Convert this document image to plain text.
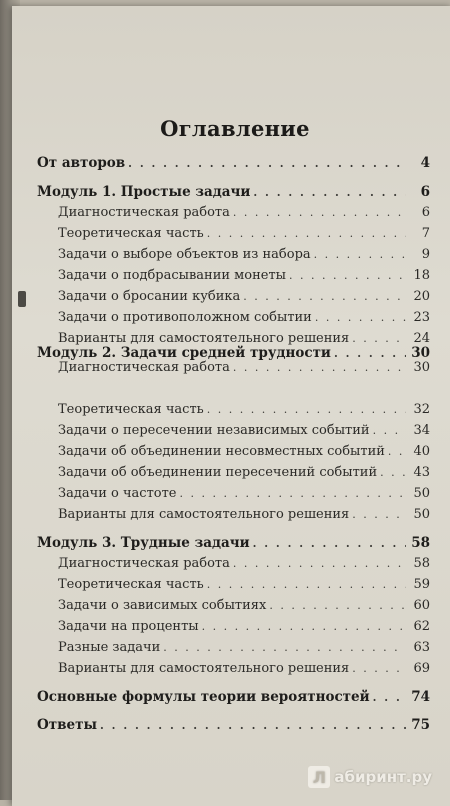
Оглавление
От авторов . . .	4
Модуль 1. Простые задачи . . .	6
Диагностическая работа . . .	6
Теоретическая часть . . .	7
Задачи о выборе объектов из набора . . .	9
Задачи о подбрасывании монеты . . .	18
Задачи о бросании кубика . . .	20
Задачи о противоположном событии . . .	23
Варианты для самостоятельного решения . . .	24
Модуль 2. Задачи средней трудности . . .	30
Диагностическая работа . . .	30
Теоретическая часть . . .	32
Задачи о пересечении независимых событий . . .	34
Задачи об объединении несовместных событий . . .	40
Задачи об объединении пересечений событий . . .	43
Задачи о частоте . . .	50
Варианты для самостоятельного решения . . .	50
Модуль 3. Трудные задачи . . .	58
Диагностическая работа . . .	58
Теоретическая часть . . .	59
Задачи о зависимых событиях . . .	60
Задачи на проценты . . .	62
Разные задачи . . .	63
Варианты для самостоятельного решения . . .	69
Основные формулы теории вероятностей . . .	74
Ответы . . .	75
Л абиринт.ру
